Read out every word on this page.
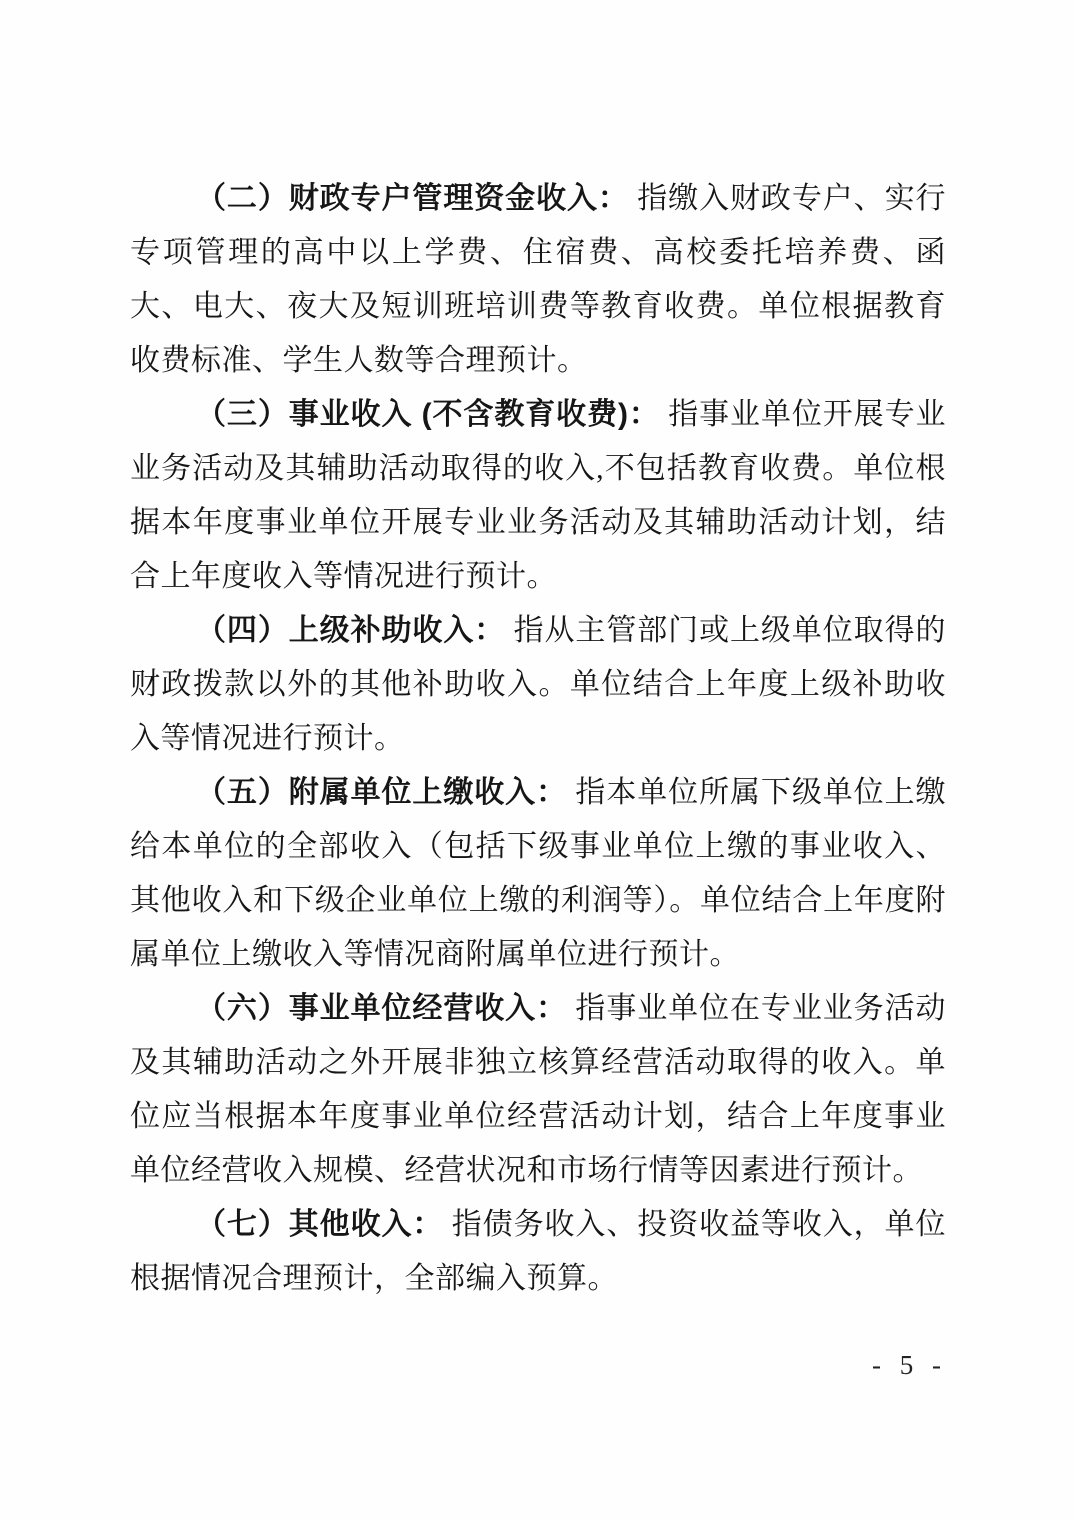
（二）财政专户管理资金收入： 指缴入财政专户、实行专项管理的高中以上学费、住宿费、高校委托培养费、函大、电大、夜大及短训班培训费等教育收费。单位根据教育收费标准、学生人数等合理预计。

（三）事业收入 (不含教育收费)： 指事业单位开展专业业务活动及其辅助活动取得的收入,不包括教育收费。单位根据本年度事业单位开展专业业务活动及其辅助活动计划，结合上年度收入等情况进行预计。

（四）上级补助收入： 指从主管部门或上级单位取得的财政拨款以外的其他补助收入。单位结合上年度上级补助收入等情况进行预计。

（五）附属单位上缴收入： 指本单位所属下级单位上缴给本单位的全部收入（包括下级事业单位上缴的事业收入、其他收入和下级企业单位上缴的利润等）。单位结合上年度附属单位上缴收入等情况商附属单位进行预计。

（六）事业单位经营收入： 指事业单位在专业业务活动及其辅助活动之外开展非独立核算经营活动取得的收入。单位应当根据本年度事业单位经营活动计划，结合上年度事业单位经营收入规模、经营状况和市场行情等因素进行预计。

（七）其他收入： 指债务收入、投资收益等收入，单位根据情况合理预计，全部编入预算。

- 5 -
